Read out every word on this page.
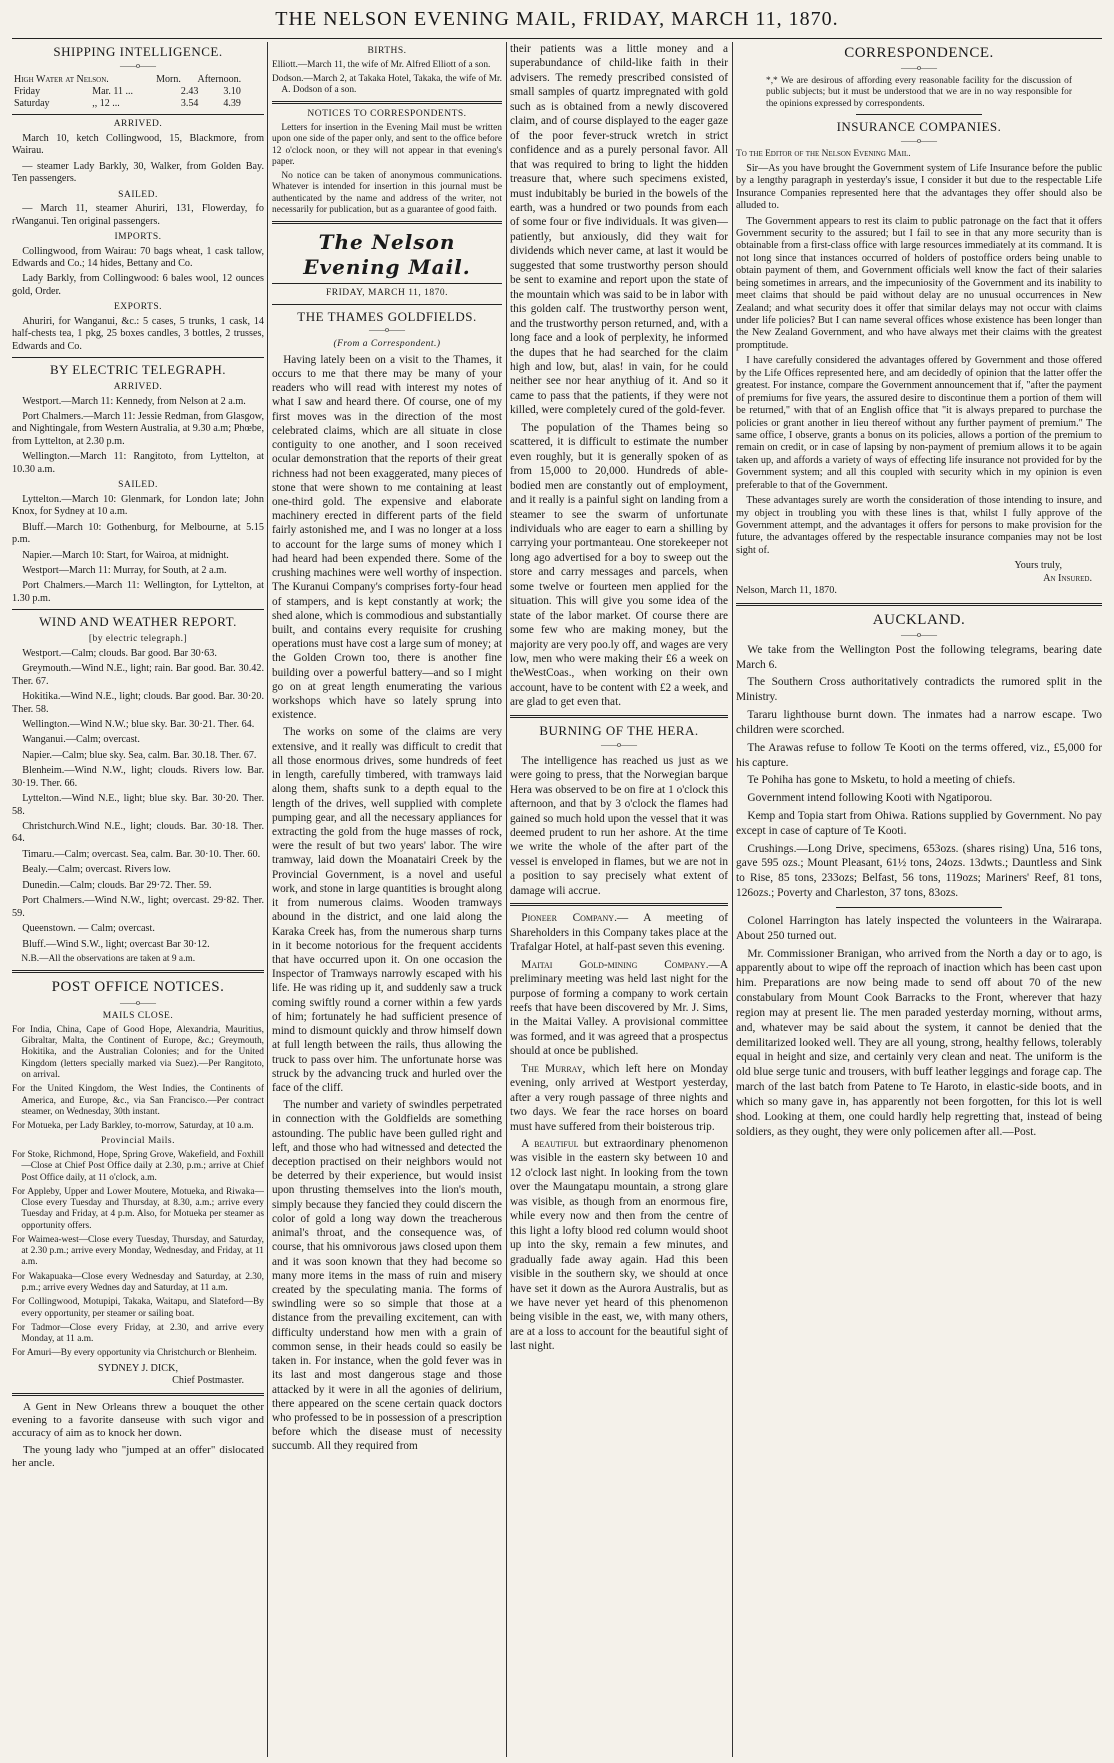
THE NELSON EVENING MAIL, FRIDAY, MARCH 11, 1870.
SHIPPING INTELLIGENCE.
——o——
High Water at Nelson.	Morn.	Afternoon.
Friday	Mar. 11 ...	2.43	3.10
Saturday	,, 12 ...	3.54	4.39
ARRIVED.

March 10, ketch Collingwood, 15, Blackmore, from Wairau.

— steamer Lady Barkly, 30, Walker, from Golden Bay. Ten passengers.

SAILED.

— March 11, steamer Ahuriri, 131, Flowerday, fo rWanganui. Ten original passengers.

IMPORTS.

Collingwood, from Wairau: 70 bags wheat, 1 cask tallow, Edwards and Co.; 14 hides, Bettany and Co.

Lady Barkly, from Collingwood: 6 bales wool, 12 ounces gold, Order.

EXPORTS.

Ahuriri, for Wanganui, &c.: 5 cases, 5 trunks, 1 cask, 14 half-chests tea, 1 pkg, 25 boxes candles, 3 bottles, 2 trusses, Edwards and Co.

BY ELECTRIC TELEGRAPH.
ARRIVED.

Westport.—March 11: Kennedy, from Nelson at 2 a.m.

Port Chalmers.—March 11: Jessie Redman, from Glasgow, and Nightingale, from Western Australia, at 9.30 a.m; Phœbe, from Lyttelton, at 2.30 p.m.

Wellington.—March 11: Rangitoto, from Lyttelton, at 10.30 a.m.

SAILED.

Lyttelton.—March 10: Glenmark, for London late; John Knox, for Sydney at 10 a.m.

Bluff.—March 10: Gothenburg, for Melbourne, at 5.15 p.m.

Napier.—March 10: Start, for Wairoa, at midnight.

Westport—March 11: Murray, for South, at 2 a.m.

Port Chalmers.—March 11: Wellington, for Lyttelton, at 1.30 p.m.

WIND AND WEATHER REPORT.
[by electric telegraph.]

Westport.—Calm; clouds. Bar good. Bar 30·63.

Greymouth.—Wind N.E., light; rain. Bar good. Bar. 30.42. Ther. 67.

Hokitika.—Wind N.E., light; clouds. Bar good. Bar. 30·20. Ther. 58.

Wellington.—Wind N.W.; blue sky. Bar. 30·21. Ther. 64.

Wanganui.—Calm; overcast.

Napier.—Calm; blue sky. Sea, calm. Bar. 30.18. Ther. 67.

Blenheim.—Wind N.W., light; clouds. Rivers low. Bar. 30·19. Ther. 66.

Lyttelton.—Wind N.E., light; blue sky. Bar. 30·20. Ther. 58.

Christchurch.Wind N.E., light; clouds. Bar. 30·18. Ther. 64.

Timaru.—Calm; overcast. Sea, calm. Bar. 30·10. Ther. 60.

Bealy.—Calm; overcast. Rivers low.

Dunedin.—Calm; clouds. Bar 29·72. Ther. 59.

Port Chalmers.—Wind N.W., light; overcast. 29·82. Ther. 59.

Queenstown. — Calm; overcast.

Bluff.—Wind S.W., light; overcast Bar 30·12.

N.B.—All the observations are taken at 9 a.m.

POST OFFICE NOTICES.
——o——
MAILS CLOSE.

For India, China, Cape of Good Hope, Alexandria, Mauritius, Gibraltar, Malta, the Continent of Europe, &c.; Greymouth, Hokitika, and the Australian Colonies; and for the United Kingdom (letters specially marked via Suez).—Per Rangitoto, on arrival.

For the United Kingdom, the West Indies, the Continents of America, and Europe, &c., via San Francisco.—Per contract steamer, on Wednesday, 30th instant.

For Motueka, per Lady Barkley, to-morrow, Saturday, at 10 a.m.

Provincial Mails.

For Stoke, Richmond, Hope, Spring Grove, Wakefield, and Foxhill—Close at Chief Post Office daily at 2.30, p.m.; arrive at Chief Post Office daily, at 11 o'clock, a.m.

For Appleby, Upper and Lower Moutere, Motueka, and Riwaka—Close every Tuesday and Thursday, at 8.30, a.m.; arrive every Tuesday and Friday, at 4 p.m. Also, for Motueka per steamer as opportunity offers.

For Waimea-west—Close every Tuesday, Thursday, and Saturday, at 2.30 p.m.; arrive every Monday, Wednesday, and Friday, at 11 a.m.

For Wakapuaka—Close every Wednesday and Saturday, at 2.30, p.m.; arrive every Wednes day and Saturday, at 11 a.m.

For Collingwood, Motupipi, Takaka, Waitapu, and Slateford—By every opportunity, per steamer or sailing boat.

For Tadmor—Close every Friday, at 2.30, and arrive every Monday, at 11 a.m.

For Amuri—By every opportunity via Christchurch or Blenheim.

SYDNEY J. DICK,
Chief Postmaster.

A Gent in New Orleans threw a bouquet the other evening to a favorite danseuse with such vigor and accuracy of aim as to knock her down.

The young lady who "jumped at an offer" dislocated her ancle.

BIRTHS.

Elliott.—March 11, the wife of Mr. Alfred Elliott of a son.

Dodson.—March 2, at Takaka Hotel, Takaka, the wife of Mr. A. Dodson of a son.

NOTICES TO CORRESPONDENTS.

Letters for insertion in the Evening Mail must be written upon one side of the paper only, and sent to the office before 12 o'clock noon, or they will not appear in that evening's paper.

No notice can be taken of anonymous communications. Whatever is intended for insertion in this journal must be authenticated by the name and address of the writer, not necessarily for publication, but as a guarantee of good faith.

The Nelson Evening Mail.
FRIDAY, MARCH 11, 1870.
THE THAMES GOLDFIELDS.
——o——
(From a Correspondent.)

Having lately been on a visit to the Thames, it occurs to me that there may be many of your readers who will read with interest my notes of what I saw and heard there. Of course, one of my first moves was in the direction of the most celebrated claims, which are all situate in close contiguity to one another, and I soon received ocular demonstration that the reports of their great richness had not been exaggerated, many pieces of stone that were shown to me containing at least one-third gold. The expensive and elaborate machinery erected in different parts of the field fairly astonished me, and I was no longer at a loss to account for the large sums of money which I had heard had been expended there. Some of the crushing machines were well worthy of inspection. The Kuranui Company's comprises forty-four head of stampers, and is kept constantly at work; the shed alone, which is commodious and substantially built, and contains every requisite for crushing operations must have cost a large sum of money; at the Golden Crown too, there is another fine building over a powerful battery—and so I might go on at great length enumerating the various workshops which have so lately sprung into existence.

The works on some of the claims are very extensive, and it really was difficult to credit that all those enormous drives, some hundreds of feet in length, carefully timbered, with tramways laid along them, shafts sunk to a depth equal to the length of the drives, well supplied with complete pumping gear, and all the necessary appliances for extracting the gold from the huge masses of rock, were the result of but two years' labor. The wire tramway, laid down the Moanatairi Creek by the Provincial Government, is a novel and useful work, and stone in large quantities is brought along it from numerous claims. Wooden tramways abound in the district, and one laid along the Karaka Creek has, from the numerous sharp turns in it become notorious for the frequent accidents that have occurred upon it. On one occasion the Inspector of Tramways narrowly escaped with his life. He was riding up it, and suddenly saw a truck coming swiftly round a corner within a few yards of him; fortunately he had sufficient presence of mind to dismount quickly and throw himself down at full length between the rails, thus allowing the truck to pass over him. The unfortunate horse was struck by the advancing truck and hurled over the face of the cliff.

The number and variety of swindles perpetrated in connection with the Goldfields are something astounding. The public have been gulled right and left, and those who had witnessed and detected the deception practised on their neighbors would not be deterred by their experience, but would insist upon thrusting themselves into the lion's mouth, simply because they fancied they could discern the color of gold a long way down the treacherous animal's throat, and the consequence was, of course, that his omnivorous jaws closed upon them and it was soon known that they had become so many more items in the mass of ruin and misery created by the speculating mania. The forms of swindling were so so simple that those at a distance from the prevailing excitement, can with difficulty understand how men with a grain of common sense, in their heads could so easily be taken in. For instance, when the gold fever was in its last and most dangerous stage and those attacked by it were in all the agonies of delirium, there appeared on the scene certain quack doctors who professed to be in possession of a prescription before which the disease must of necessity succumb. All they required from

their patients was a little money and a superabundance of child-like faith in their advisers. The remedy prescribed consisted of small samples of quartz impregnated with gold such as is obtained from a newly discovered claim, and of course displayed to the eager gaze of the poor fever-struck wretch in strict confidence and as a purely personal favor. All that was required to bring to light the hidden treasure that, where such specimens existed, must indubitably be buried in the bowels of the earth, was a hundred or two pounds from each of some four or five individuals. It was given—patiently, but anxiously, did they wait for dividends which never came, at last it would be suggested that some trustworthy person should be sent to examine and report upon the state of the mountain which was said to be in labor with this golden calf. The trustworthy person went, and the trustworthy person returned, and, with a long face and a look of perplexity, he informed the dupes that he had searched for the claim high and low, but, alas! in vain, for he could neither see nor hear anythiug of it. And so it came to pass that the patients, if they were not killed, were completely cured of the gold-fever.

The population of the Thames being so scattered, it is difficult to estimate the number even roughly, but it is generally spoken of as from 15,000 to 20,000. Hundreds of able-bodied men are constantly out of employment, and it really is a painful sight on landing from a steamer to see the swarm of unfortunate individuals who are eager to earn a shilling by carrying your portmanteau. One storekeeper not long ago advertised for a boy to sweep out the store and carry messages and parcels, when some twelve or fourteen men applied for the situation. This will give you some idea of the state of the labor market. Of course there are some few who are making money, but the majority are very poo.ly off, and wages are very low, men who were making their £6 a week on theWestCoas., when working on their own account, have to be content with £2 a week, and are glad to get even that.

BURNING OF THE HERA.
——o——

The intelligence has reached us just as we were going to press, that the Norwegian barque Hera was observed to be on fire at 1 o'clock this afternoon, and that by 3 o'clock the flames had gained so much hold upon the vessel that it was deemed prudent to run her ashore. At the time we write the whole of the after part of the vessel is enveloped in flames, but we are not in a position to say precisely what extent of damage wili accrue.

Pioneer Company.— A meeting of Shareholders in this Company takes place at the Trafalgar Hotel, at half-past seven this evening.

Maitai Gold-mining Company.—A preliminary meeting was held last night for the purpose of forming a company to work certain reefs that have been discovered by Mr. J. Sims, in the Maitai Valley. A provisional committee was formed, and it was agreed that a prospectus should at once be published.

The Murray, which left here on Monday evening, only arrived at Westport yesterday, after a very rough passage of three nights and two days. We fear the race horses on board must have suffered from their boisterous trip.

A beautiful but extraordinary phenomenon was visible in the eastern sky between 10 and 12 o'clock last night. In looking from the town over the Maungatapu mountain, a strong glare was visible, as though from an enormous fire, while every now and then from the centre of this light a lofty blood red column would shoot up into the sky, remain a few minutes, and gradually fade away again. Had this been visible in the southern sky, we should at once have set it down as the Aurora Australis, but as we have never yet heard of this phenomenon being visible in the east, we, with many others, are at a loss to account for the beautiful sight of last night.

CORRESPONDENCE.
——o——

*,* We are desirous of affording every reasonable facility for the discussion of public subjects; but it must be understood that we are in no way responsible for the opinions expressed by correspondents.

INSURANCE COMPANIES.
——o——

To the Editor of the Nelson Evening Mail.

Sir—As you have brought the Government system of Life Insurance before the public by a lengthy paragraph in yesterday's issue, I consider it but due to the respectable Life Insurance Companies represented here that the advantages they offer should also be alluded to.

The Government appears to rest its claim to public patronage on the fact that it offers Government security to the assured; but I fail to see in that any more security than is obtainable from a first-class office with large resources immediately at its command. It is not long since that instances occurred of holders of postoffice orders being unable to obtain payment of them, and Government officials well know the fact of their salaries being sometimes in arrears, and the impecuniosity of the Government and its inability to meet claims that should be paid without delay are no unusual occurrences in New Zealand; and what security does it offer that similar delays may not occur with claims under life policies? But I can name several offices whose existence has been longer than the New Zealand Government, and who have always met their claims with the greatest promptitude.

I have carefully considered the advantages offered by Government and those offered by the Life Offices represented here, and am decidedly of opinion that the latter offer the greatest. For instance, compare the Government announcement that if, "after the payment of premiums for five years, the assured desire to discontinue them a portion of them will be returned," with that of an English office that "it is always prepared to purchase the policies or grant another in lieu thereof without any further payment of premium." The same office, I observe, grants a bonus on its policies, allows a portion of the premium to remain on credit, or in case of lapsing by non-payment of premium allows it to be again taken up, and affords a variety of ways of effecting life insurance not provided for by the Government system; and all this coupled with security which in my opinion is even preferable to that of the Government.

These advantages surely are worth the consideration of those intending to insure, and my object in troubling you with these lines is that, whilst I fully approve of the Government attempt, and the advantages it offers for persons to make provision for the future, the advantages offered by the respectable insurance companies may not be lost sight of.

Yours truly,
An Insured.

Nelson, March 11, 1870.

AUCKLAND.
——o——

We take from the Wellington Post the following telegrams, bearing date March 6.

The Southern Cross authoritatively contradicts the rumored split in the Ministry.

Tararu lighthouse burnt down. The inmates had a narrow escape. Two children were scorched.

The Arawas refuse to follow Te Kooti on the terms offered, viz., £5,000 for his capture.

Te Pohiha has gone to Msketu, to hold a meeting of chiefs.

Government intend following Kooti with Ngatiporou.

Kemp and Topia start from Ohiwa. Rations supplied by Government. No pay except in case of capture of Te Kooti.

Crushings.—Long Drive, specimens, 653ozs. (shares rising) Una, 516 tons, gave 595 ozs.; Mount Pleasant, 61½ tons, 24ozs. 13dwts.; Dauntless and Sink to Rise, 85 tons, 233ozs; Belfast, 56 tons, 119ozs; Mariners' Reef, 81 tons, 126ozs.; Poverty and Charleston, 37 tons, 83ozs.

Colonel Harrington has lately inspected the volunteers in the Wairarapa. About 250 turned out.

Mr. Commissioner Branigan, who arrived from the North a day or to ago, is apparently about to wipe off the reproach of inaction which has been cast upon him. Preparations are now being made to send off about 70 of the new constabulary from Mount Cook Barracks to the Front, wherever that hazy region may at present lie. The men paraded yesterday morning, without arms, and, whatever may be said about the system, it cannot be denied that the demilitarized looked well. They are all young, strong, healthy fellows, tolerably equal in height and size, and certainly very clean and neat. The uniform is the old blue serge tunic and trousers, with buff leather leggings and forage cap. The march of the last batch from Patene to Te Haroto, in elastic-side boots, and in which so many gave in, has apparently not been forgotten, for this lot is well shod. Looking at them, one could hardly help regretting that, instead of being soldiers, as they ought, they were only policemen after all.—Post.
